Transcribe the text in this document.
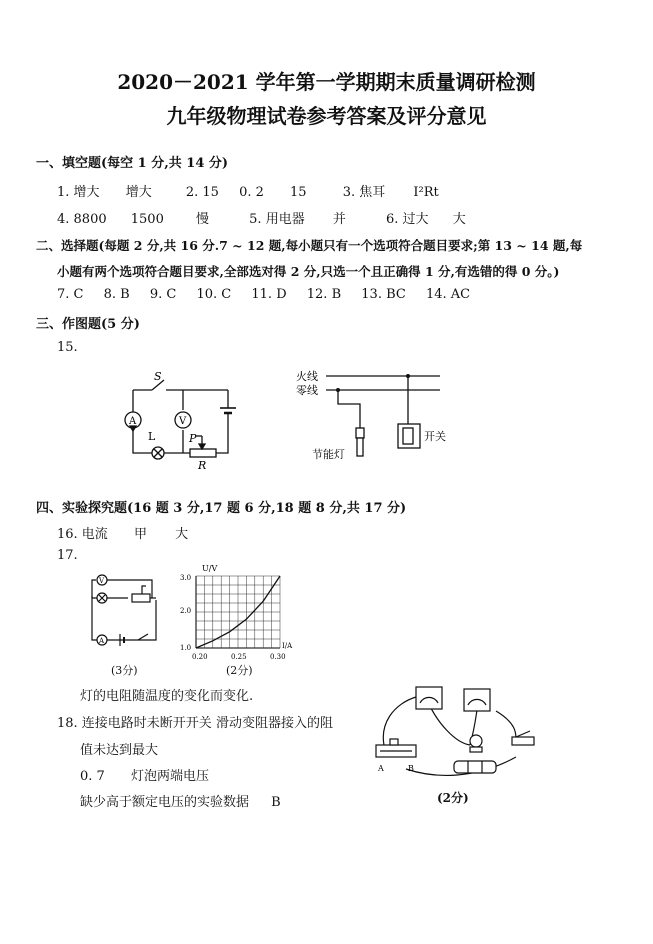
2020－2021 学年第一学期期末质量调研检测
九年级物理试卷参考答案及评分意见
一、填空题(每空 1 分,共 14 分)
1. 增大 增大	2. 15 0. 2 15	3. 焦耳 I²Rt
4. 8800 1500 慢	5. 用电器 并	6. 过大 大
二、选择题(每题 2 分,共 16 分.7 ~ 12 题,每小题只有一个选项符合题目要求;第 13 ~ 14 题,每
小题有两个选项符合题目要求,全部选对得 2 分,只选一个且正确得 1 分,有选错的得 0 分。)
7. C 8. B 9. C 10. C 11. D 12. B 13. BC 14. AC
三、作图题(5 分)
15.
S
A	V
L	P
R
火线
零线
节能灯
开关
四、实验探究题(16 题 3 分,17 题 6 分,18 题 8 分,共 17 分)
16. 电流 甲 大
17.
V
A
(3分)
U/V
I/A
3.0
2.0
1.0
0.20	0.25	0.30
(2分)
灯的电阻随温度的变化而变化.
18. 连接电路时未断开开关 滑动变阻器接入的阻
值未达到最大
0. 7 灯泡两端电压
缺少高于额定电压的实验数据 B
A	B
(2分)
